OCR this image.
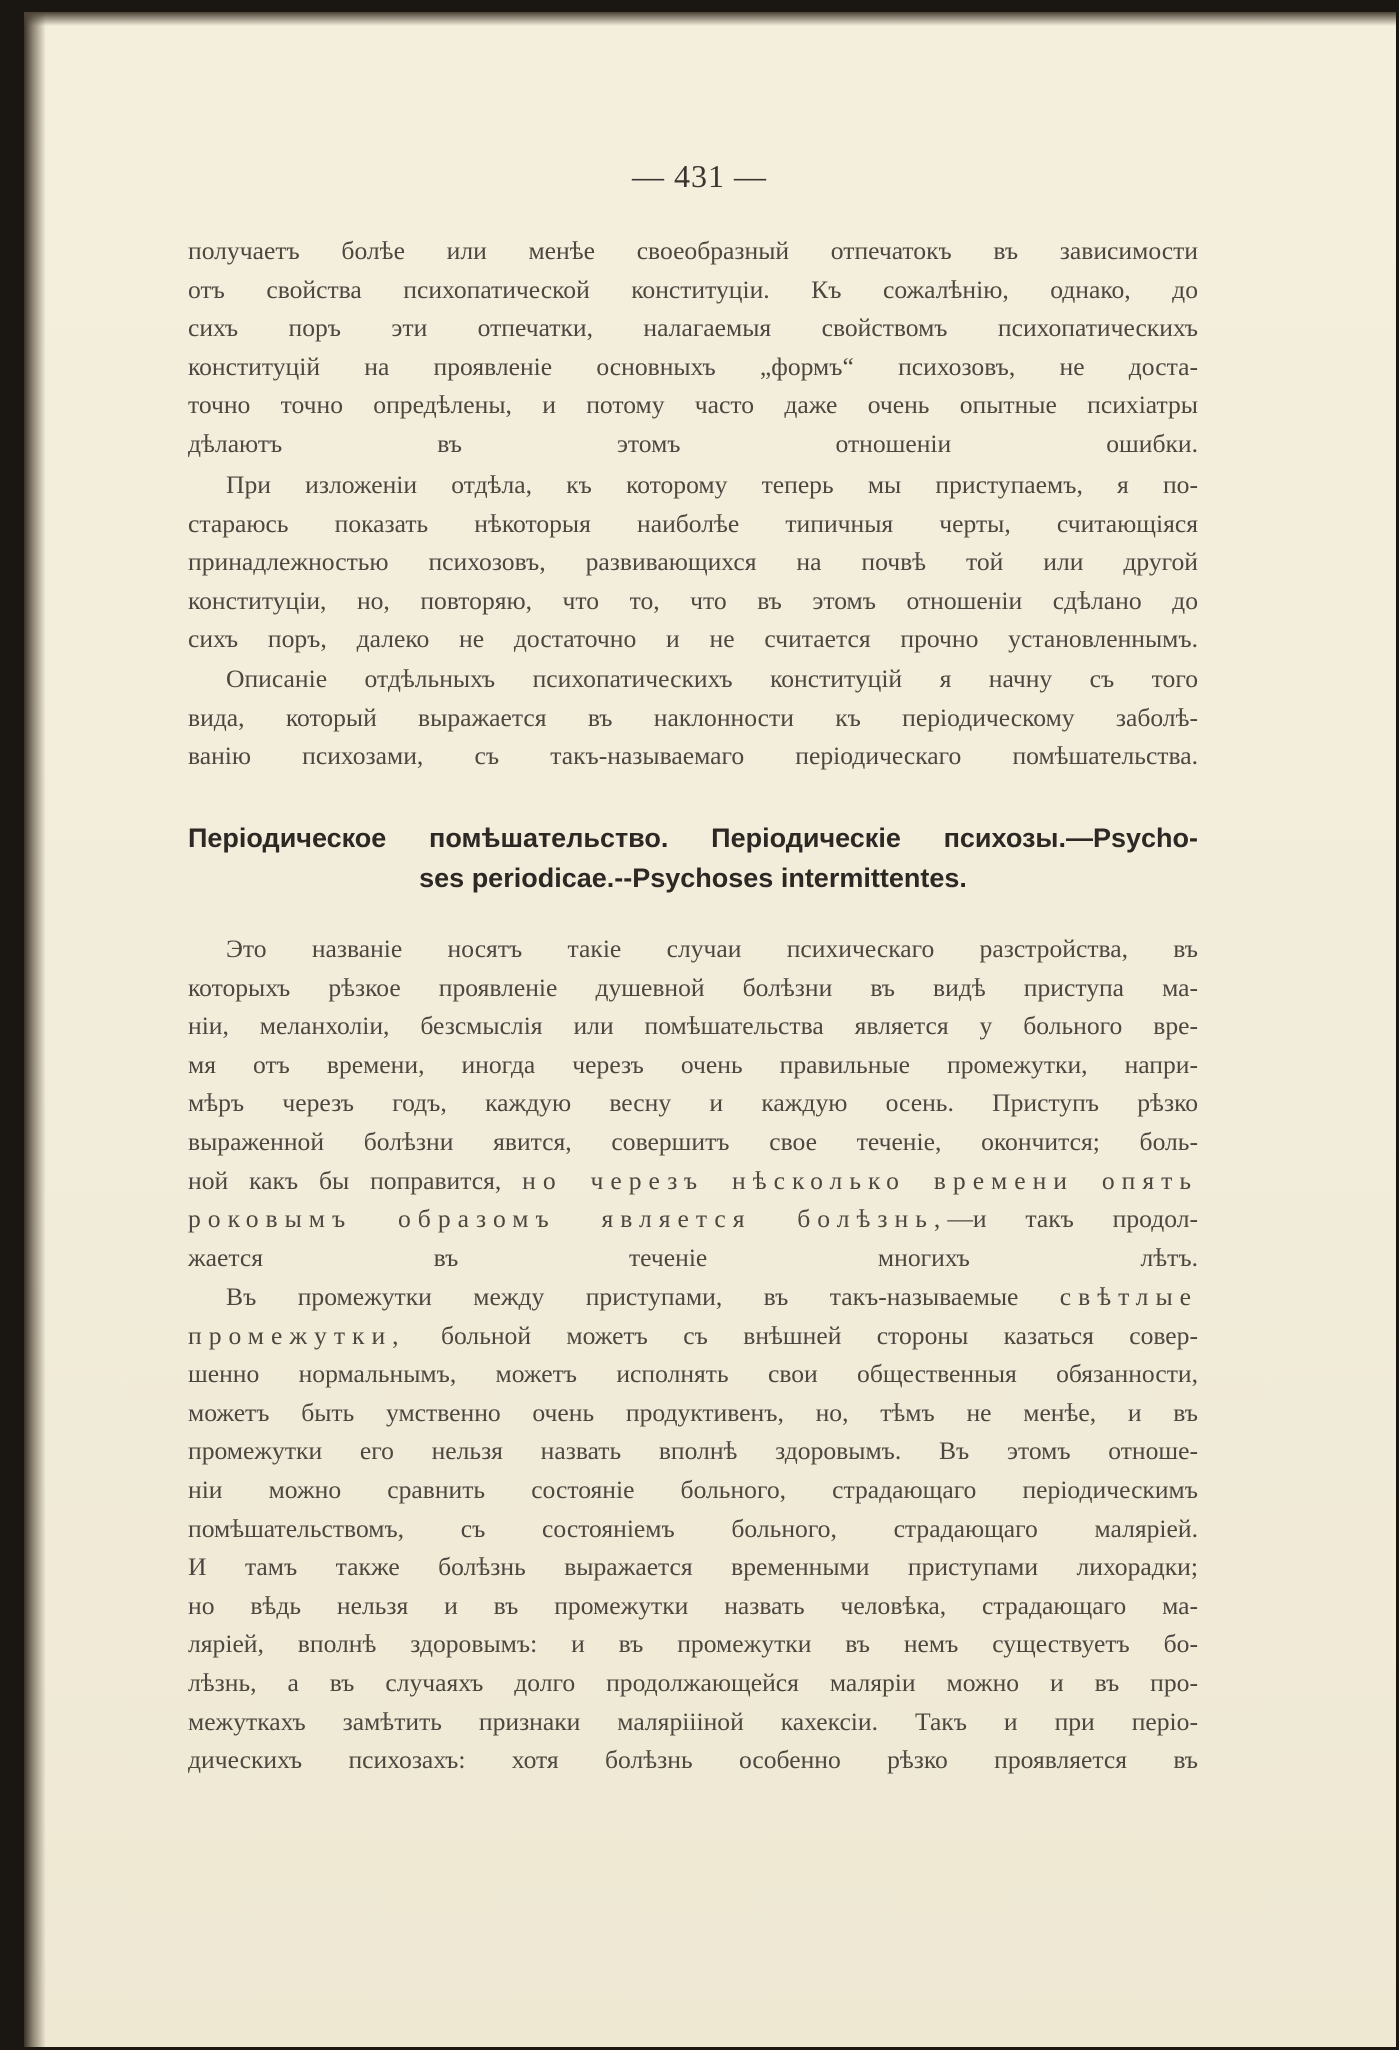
— 431 —
получаетъ болѣе или менѣе своеобразный отпечатокъ въ зависимости
отъ свойства психопатической конституціи. Къ сожалѣнію, однако, до
сихъ поръ эти отпечатки, налагаемыя свойствомъ психопатическихъ
конституцій на проявленіе основныхъ „формъ“ психозовъ, не доста-
точно точно опредѣлены, и потому часто даже очень опытные психіатры
дѣлаютъ въ этомъ отношеніи ошибки.
При изложеніи отдѣла, къ которому теперь мы приступаемъ, я по-
стараюсь показать нѣкоторыя наиболѣе типичныя черты, считающіяся
принадлежностью психозовъ, развивающихся на почвѣ той или другой
конституціи, но, повторяю, что то, что въ этомъ отношеніи сдѣлано до
сихъ поръ, далеко не достаточно и не считается прочно установленнымъ.
Описаніе отдѣльныхъ психопатическихъ конституцій я начну съ того
вида, который выражается въ наклонности къ періодическому заболѣ-
ванію психозами, съ такъ-называемаго періодическаго помѣшательства.
Періодическое помѣшательство. Періодическіе психозы.—Psycho-
ses periodicae.--Psychoses intermittentes.
Это названіе носятъ такіе случаи психическаго разстройства, въ
которыхъ рѣзкое проявленіе душевной болѣзни въ видѣ приступа ма-
ніи, меланхоліи, безсмыслія или помѣшательства является у больного вре-
мя отъ времени, иногда черезъ очень правильные промежутки, напри-
мѣръ черезъ годъ, каждую весну и каждую осень. Приступъ рѣзко
выраженной болѣзни явится, совершитъ свое теченіе, окончится; боль-
ной какъ бы поправится, но черезъ нѣсколько времени опять
роковымъ образомъ является болѣзнь,—и такъ продол-
жается въ теченіе многихъ лѣтъ.
Въ промежутки между приступами, въ такъ-называемые свѣтлые
промежутки, больной можетъ съ внѣшней стороны казаться совер-
шенно нормальнымъ, можетъ исполнять свои общественныя обязанности,
можетъ быть умственно очень продуктивенъ, но, тѣмъ не менѣе, и въ
промежутки его нельзя назвать вполнѣ здоровымъ. Въ этомъ отноше-
ніи можно сравнить состояніе больного, страдающаго періодическимъ
помѣшательствомъ, съ состояніемъ больного, страдающаго маляріей.
И тамъ также болѣзнь выражается временными приступами лихорадки;
но вѣдь нельзя и въ промежутки назвать человѣка, страдающаго ма-
ляріей, вполнѣ здоровымъ: и въ промежутки въ немъ существуетъ бо-
лѣзнь, а въ случаяхъ долго продолжающейся маляріи можно и въ про-
межуткахъ замѣтить признаки маляріііной кахексіи. Такъ и при періо-
дическихъ психозахъ: хотя болѣзнь особенно рѣзко проявляется въ
